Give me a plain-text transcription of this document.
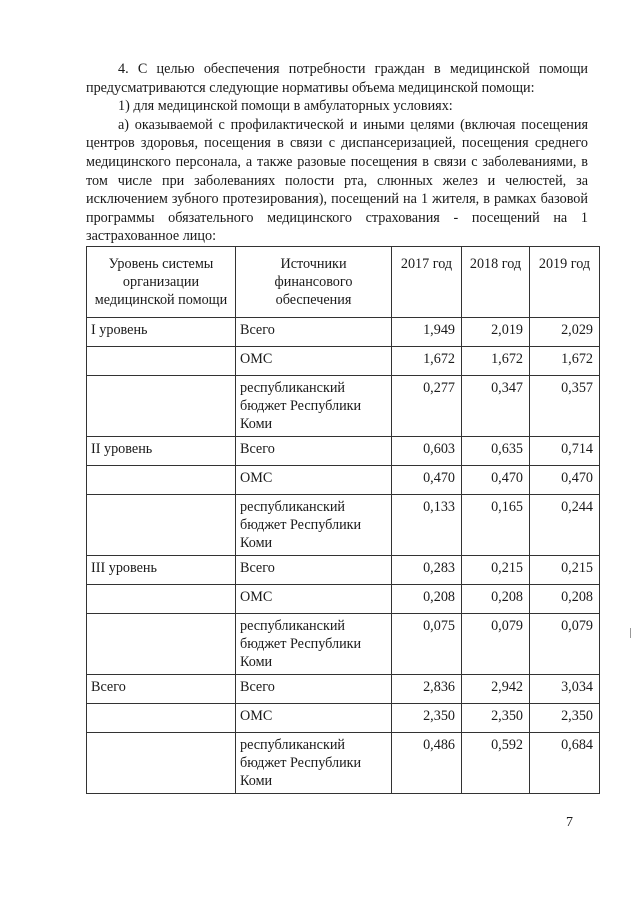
4. С целью обеспечения потребности граждан в медицинской помощи предусматриваются следующие нормативы объема медицинской помощи:

1) для медицинской помощи в амбулаторных условиях:

а) оказываемой с профилактической и иными целями (включая посещения центров здоровья, посещения в связи с диспансеризацией, посещения среднего медицинского персонала, а также разовые посещения в связи с заболеваниями, в том числе при заболеваниях полости рта, слюнных желез и челюстей, за исключением зубного протезирования), посещений на 1 жителя, в рамках базовой программы обязательного медицинского страхования - посещений на 1 застрахованное лицо:

Уровень системы организации медицинской помощи	Источники финансового обеспечения	2017 год	2018 год	2019 год
I уровень	Всего	1,949	2,019	2,029
	ОМС	1,672	1,672	1,672
	республиканский бюджет Республики Коми	0,277	0,347	0,357
II уровень	Всего	0,603	0,635	0,714
	ОМС	0,470	0,470	0,470
	республиканский бюджет Республики Коми	0,133	0,165	0,244
III уровень	Всего	0,283	0,215	0,215
	ОМС	0,208	0,208	0,208
	республиканский бюджет Республики Коми	0,075	0,079	0,079
Всего	Всего	2,836	2,942	3,034
	ОМС	2,350	2,350	2,350
	республиканский бюджет Республики Коми	0,486	0,592	0,684
7
